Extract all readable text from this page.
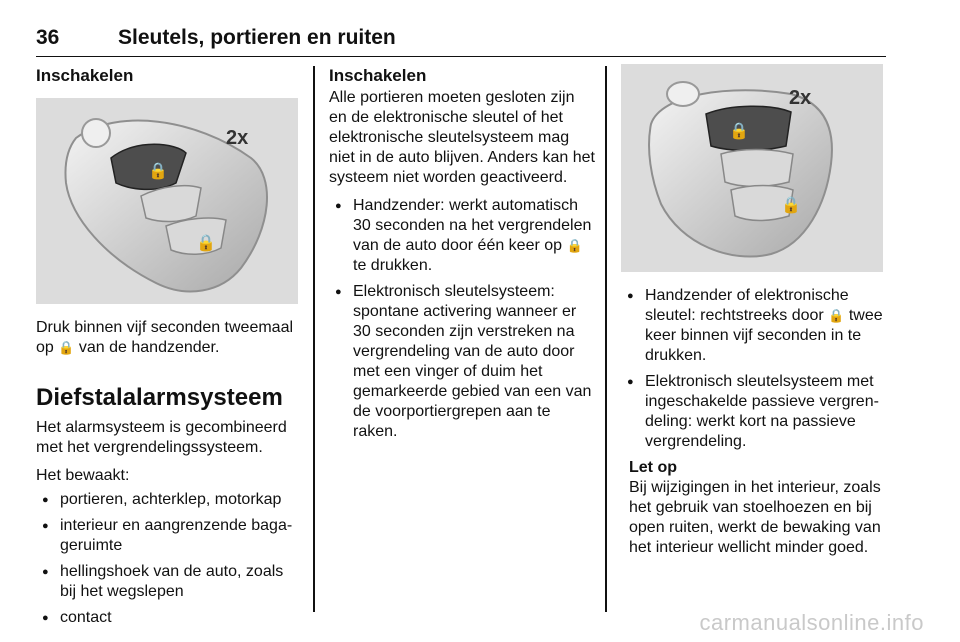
36	Sleutels, portieren en ruiten
Inschakelen
🔒
🔒
2x

Druk binnen vijf seconden tweemaal op 🔒 van de handzender.

Diefstalalarmsysteem

Het alarmsysteem is gecombineerd met het vergrendelingssysteem.

Het bewaakt:

● portieren, achterklep, motorkap
● interieur en aangrenzende bagageruimte
● hellingshoek van de auto, zoals bij het wegslepen
● contact
Inschakelen

Alle portieren moeten gesloten zijn en de elektronische sleutel of het elektronische sleutelsysteem mag niet in de auto blijven. Anders kan het systeem niet worden geactiveerd.

● Handzender: werkt automatisch 30 seconden na het vergrendelen van de auto door één keer op 🔒 te drukken.
● Elektronisch sleutelsysteem: spontane activering wanneer er 30 seconden zijn verstreken na vergrendeling van de auto door met een vinger of duim het gemarkeerde gebied van een van de voorportiergrepen aan te raken.
🔒
🔒
2x
● Handzender of elektronische sleutel: rechtstreeks door 🔒 twee keer binnen vijf seconden in te drukken.
● Elektronisch sleutelsysteem met ingeschakelde passieve vergrendeling: werkt kort na passieve vergrendeling.
Let op
Bij wijzigingen in het interieur, zoals het gebruik van stoelhoezen en bij open ruiten, werkt de bewaking van het interieur wellicht minder goed.
carmanualsonline.info
